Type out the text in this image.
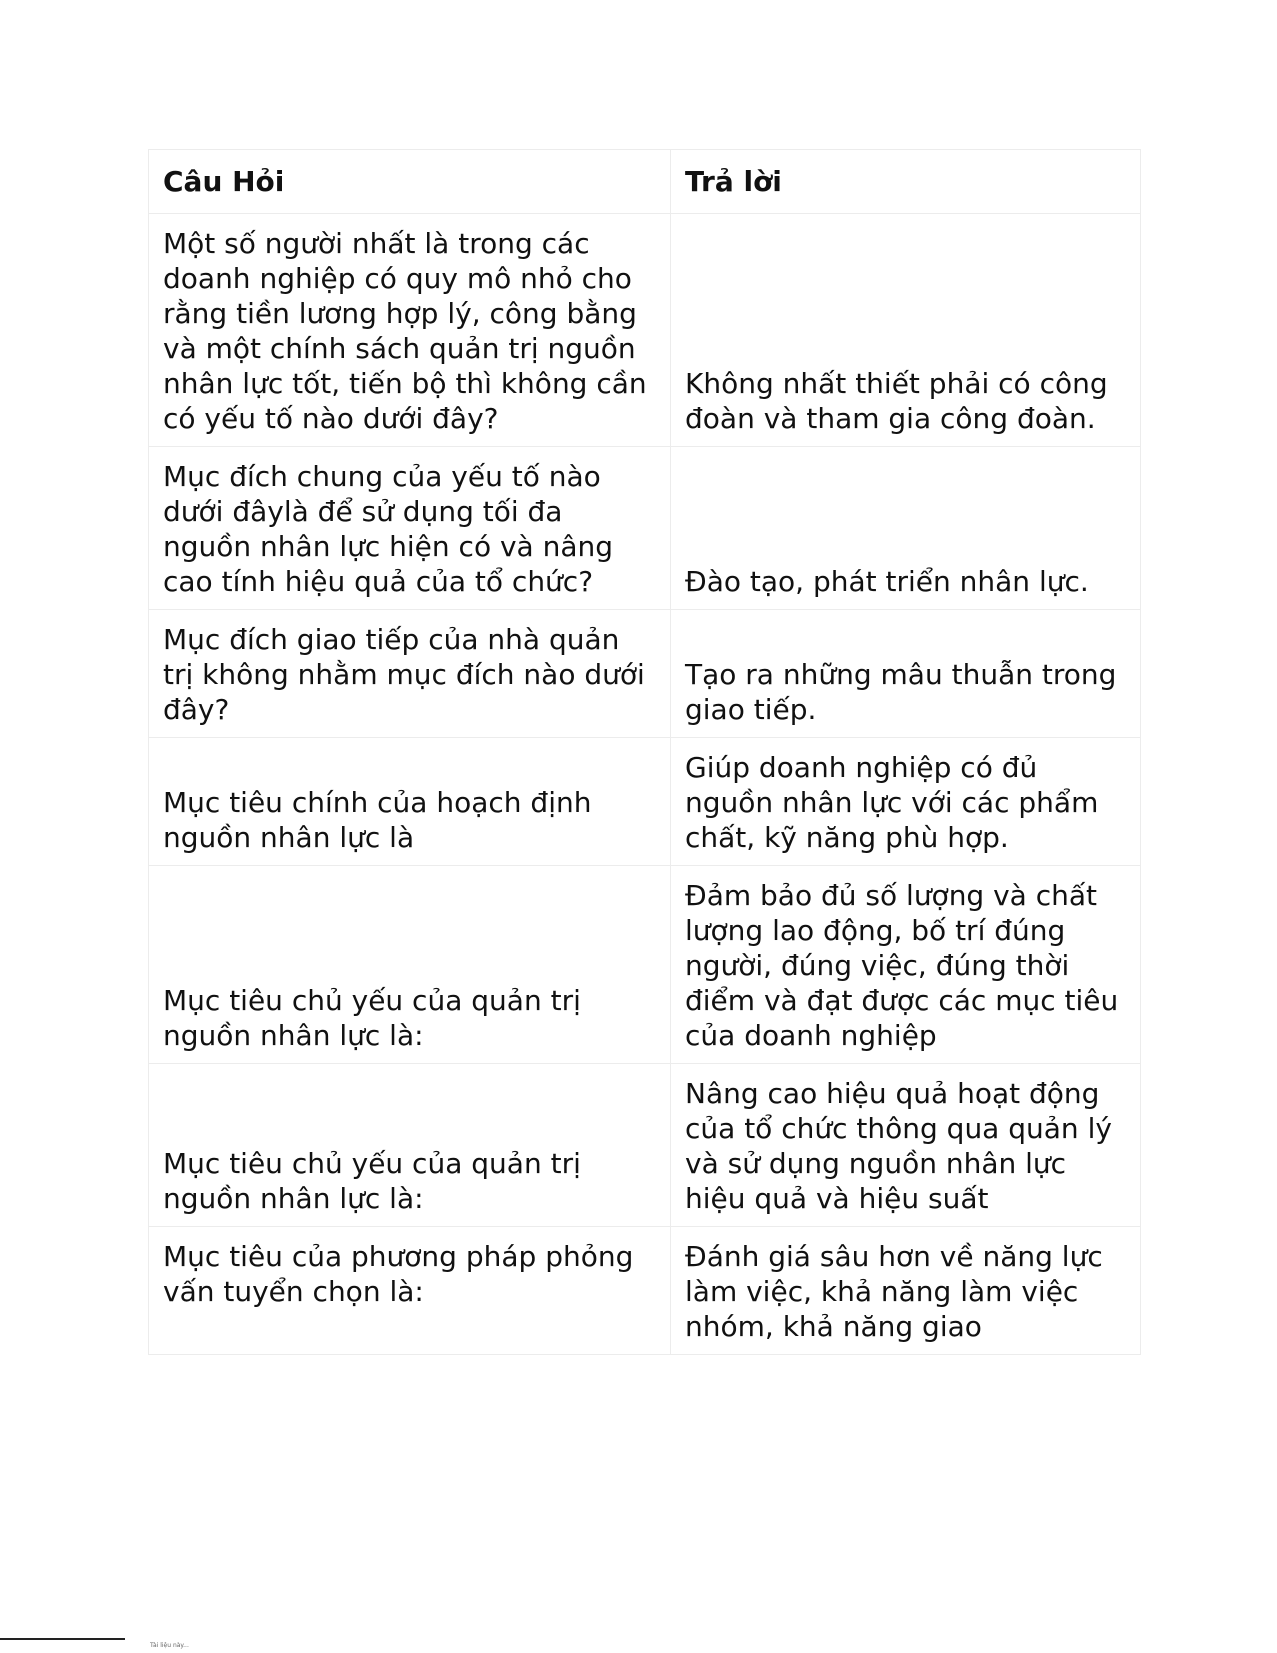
Câu Hỏi	Trả lời
Một số người nhất là trong các doanh nghiệp có quy mô nhỏ cho rằng tiền lương hợp lý, công bằng và một chính sách quản trị nguồn nhân lực tốt, tiến bộ thì không cần có yếu tố nào dưới đây?	Không nhất thiết phải có công đoàn và tham gia công đoàn.
Mục đích chung của yếu tố nào dưới đâylà để sử dụng tối đa nguồn nhân lực hiện có và nâng cao tính hiệu quả của tổ chức?	Đào tạo, phát triển nhân lực.
Mục đích giao tiếp của nhà quản trị không nhằm mục đích nào dưới đây?	Tạo ra những mâu thuẫn trong giao tiếp.
Mục tiêu chính của hoạch định nguồn nhân lực là	Giúp doanh nghiệp có đủ nguồn nhân lực với các phẩm chất, kỹ năng phù hợp.
Mục tiêu chủ yếu của quản trị nguồn nhân lực là:	Đảm bảo đủ số lượng và chất lượng lao động, bố trí đúng người, đúng việc, đúng thời điểm và đạt được các mục tiêu của doanh nghiệp
Mục tiêu chủ yếu của quản trị nguồn nhân lực là:	Nâng cao hiệu quả hoạt động của tổ chức thông qua quản lý và sử dụng nguồn nhân lực hiệu quả và hiệu suất
Mục tiêu của phương pháp phỏng vấn tuyển chọn là:	Đánh giá sâu hơn về năng lực làm việc, khả năng làm việc nhóm, khả năng giao
Tài liệu này...
